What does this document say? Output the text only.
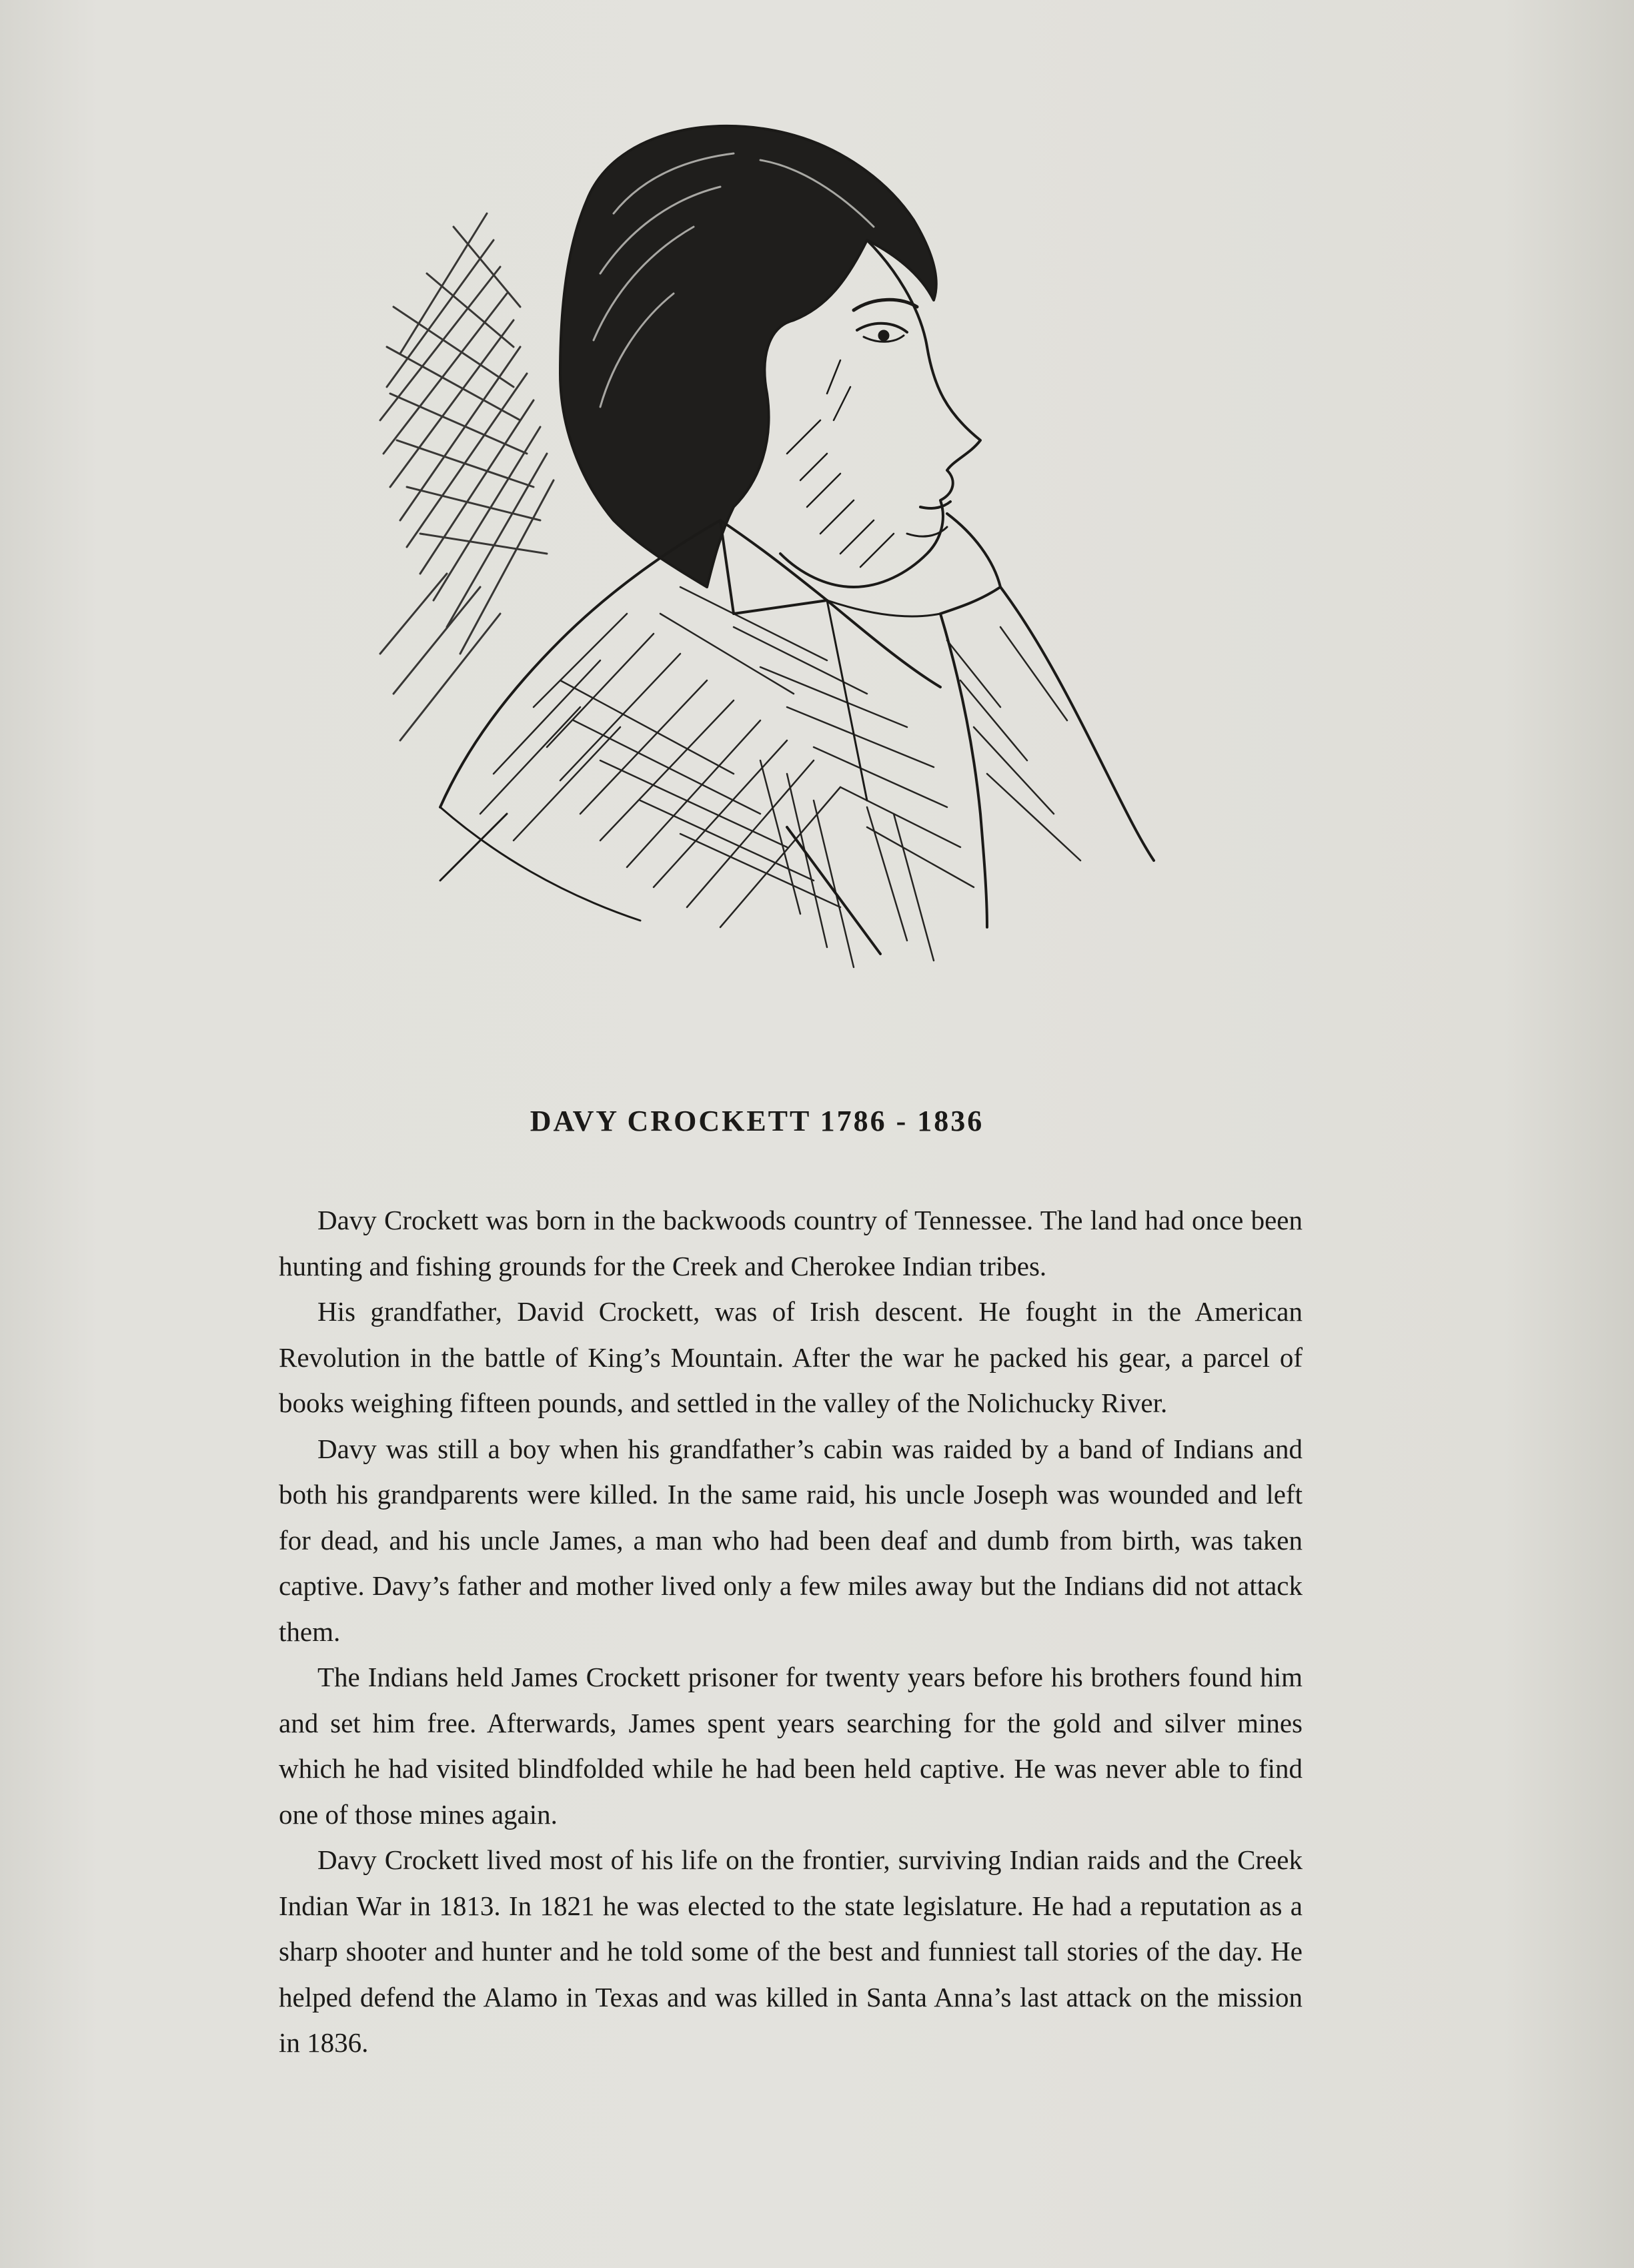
DAVY CROCKETT 1786 - 1836

Davy Crockett was born in the backwoods country of Tennessee. The land had once been hunting and fishing grounds for the Creek and Cherokee Indian tribes.

His grandfather, David Crockett, was of Irish descent. He fought in the American Revolution in the battle of King’s Mountain. After the war he packed his gear, a parcel of books weighing fifteen pounds, and settled in the valley of the Nolichucky River.

Davy was still a boy when his grandfather’s cabin was raided by a band of Indians and both his grandparents were killed. In the same raid, his uncle Joseph was wounded and left for dead, and his uncle James, a man who had been deaf and dumb from birth, was taken captive. Davy’s father and mother lived only a few miles away but the Indians did not attack them.

The Indians held James Crockett prisoner for twenty years before his brothers found him and set him free. Afterwards, James spent years searching for the gold and silver mines which he had visited blindfolded while he had been held captive. He was never able to find one of those mines again.

Davy Crockett lived most of his life on the frontier, surviving Indian raids and the Creek Indian War in 1813. In 1821 he was elected to the state legislature. He had a reputation as a sharp shooter and hunter and he told some of the best and funniest tall stories of the day. He helped defend the Alamo in Texas and was killed in Santa Anna’s last attack on the mission in 1836.
